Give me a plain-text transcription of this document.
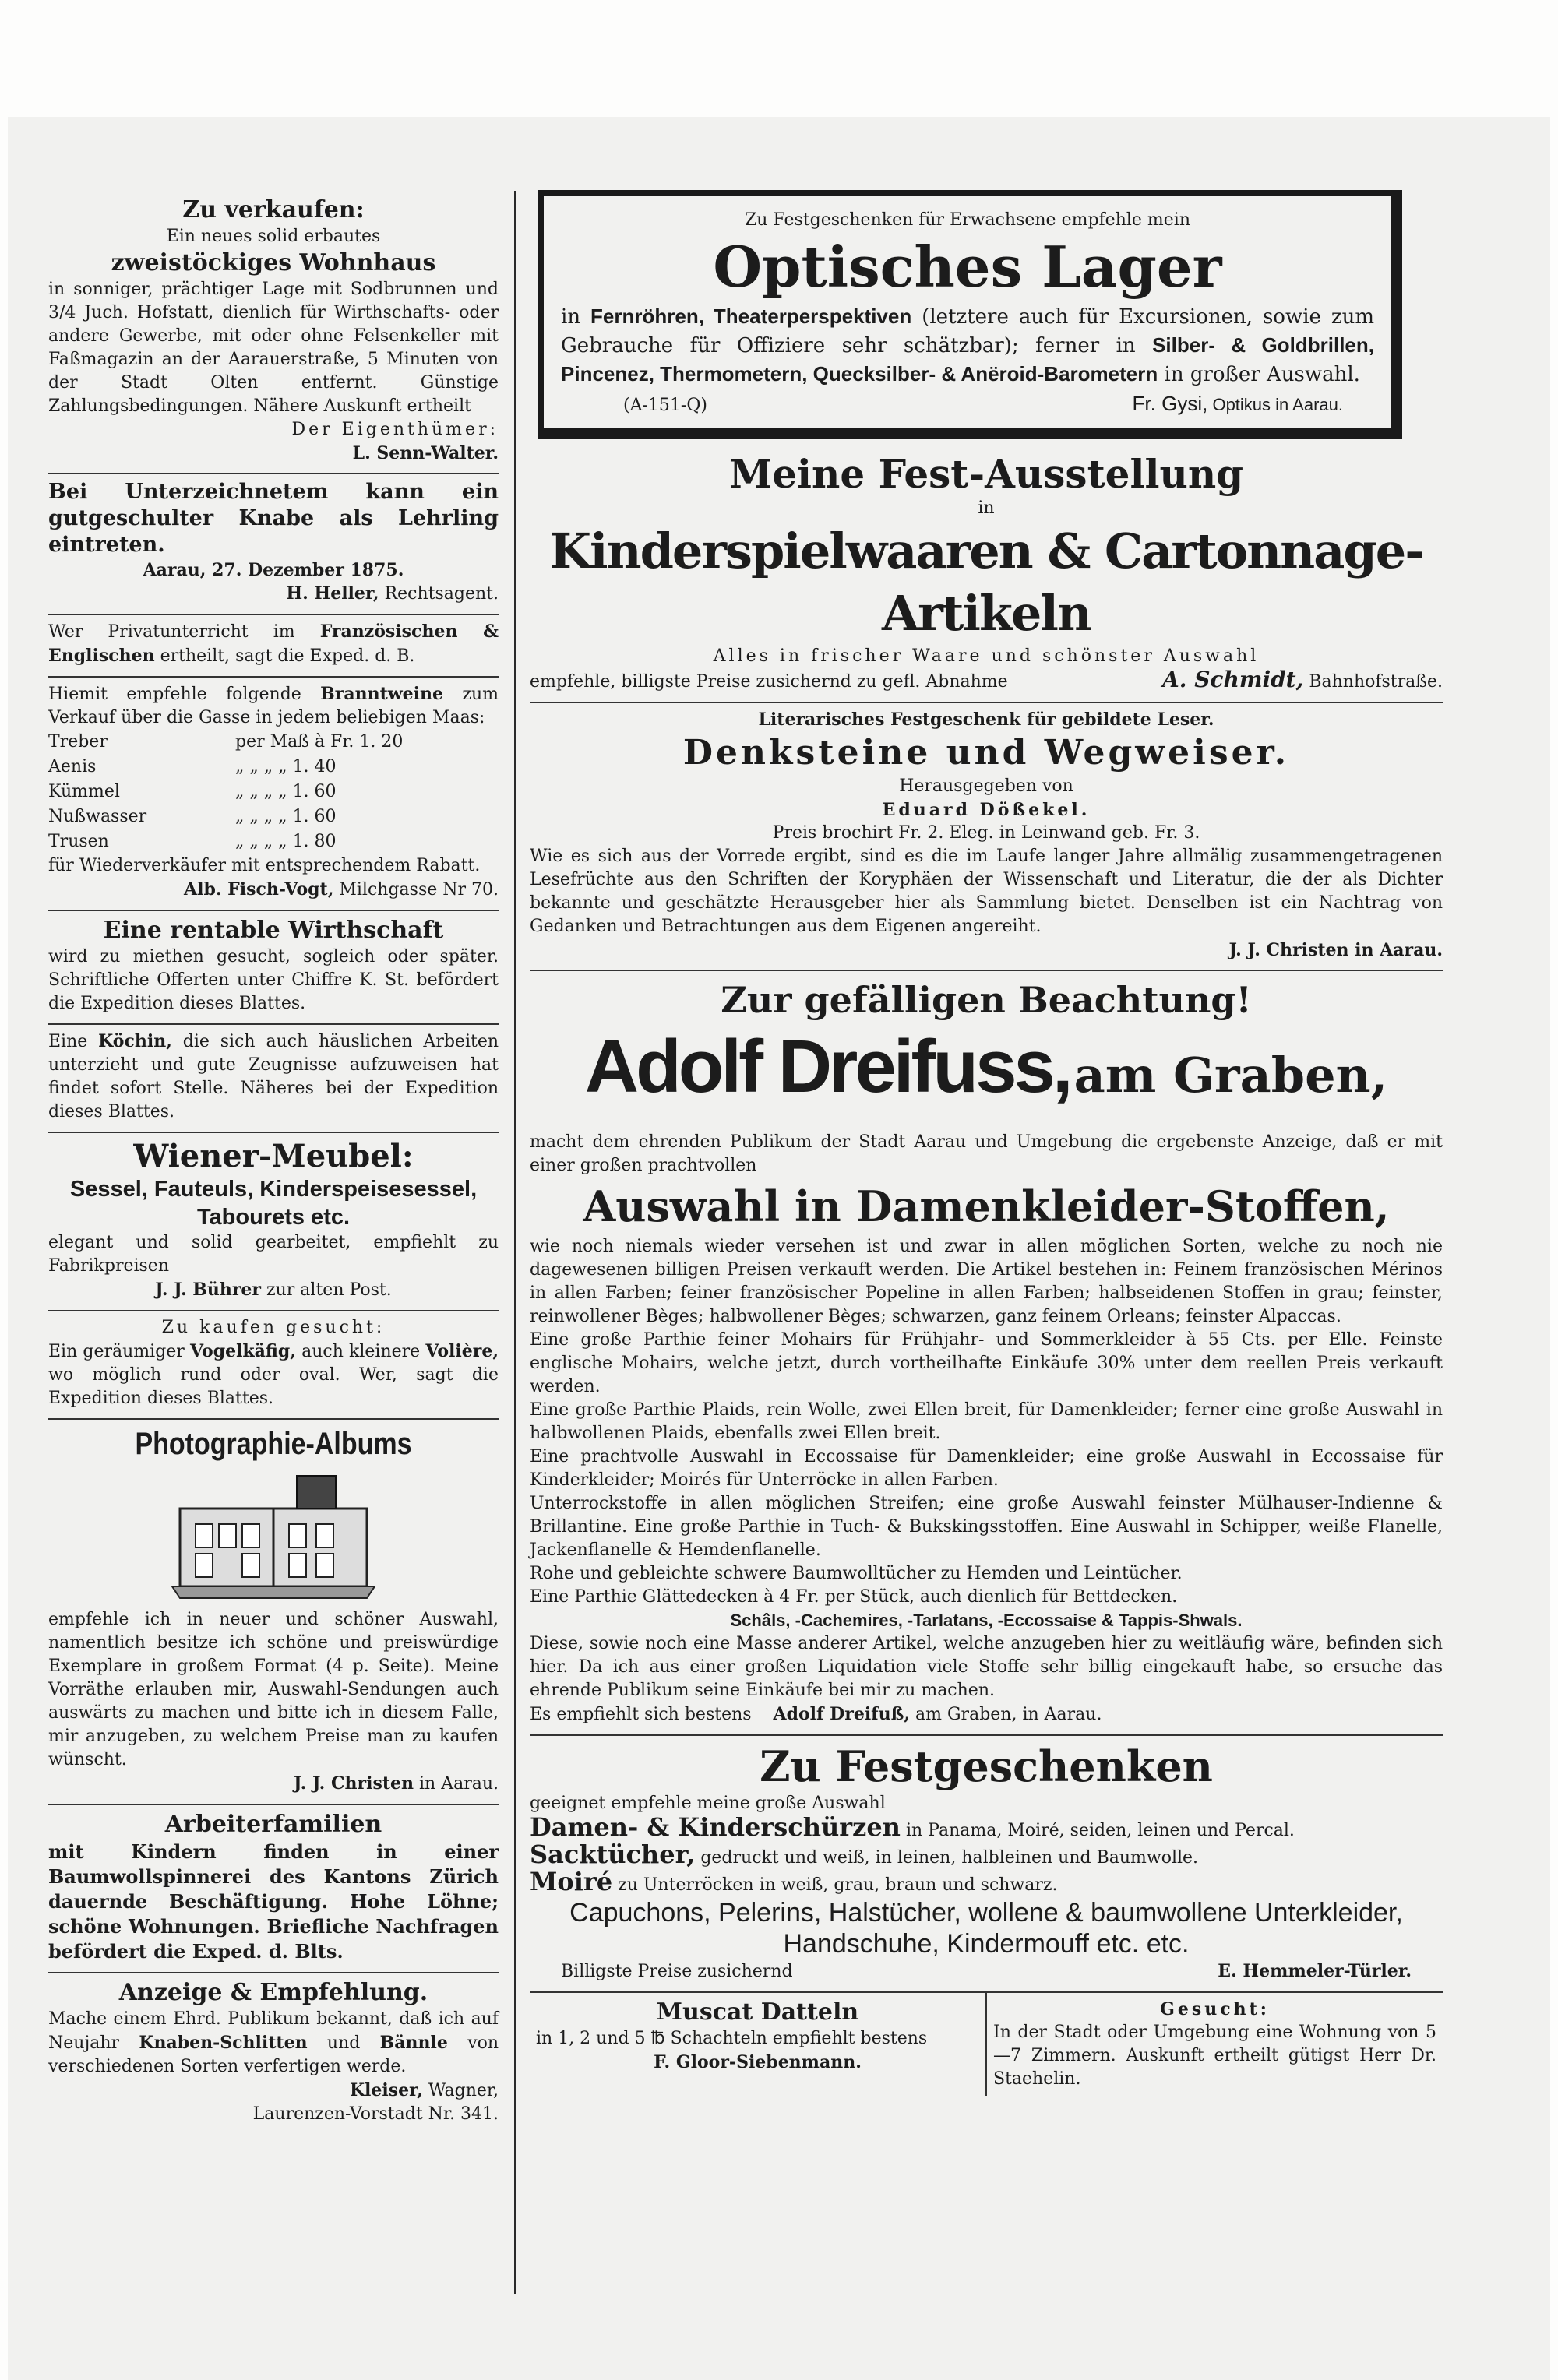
Zu verkaufen:

Ein neues solid erbautes

zweistöckiges Wohnhaus

in sonniger, prächtiger Lage mit Sodbrunnen und 3/4 Juch. Hofstatt, dienlich für Wirthschafts- oder andere Gewerbe, mit oder ohne Felsenkeller mit Faßmagazin an der Aarauerstraße, 5 Minuten von der Stadt Olten entfernt. Günstige Zahlungsbedingungen. Nähere Auskunft ertheilt

Der Eigenthümer:

L. Senn-Walter.

Bei Unterzeichnetem kann ein gutgeschulter Knabe als Lehrling eintreten.

Aarau, 27. Dezember 1875.

H. Heller, Rechtsagent.

Wer Privatunterricht im Französischen & Englischen ertheilt, sagt die Exped. d. B.

Hiemit empfehle folgende Branntweine zum Verkauf über die Gasse in jedem beliebigen Maas:

Treber	per Maß à Fr. 1. 20
Aenis	„ „ „ „ 1. 40
Kümmel	„ „ „ „ 1. 60
Nußwasser	„ „ „ „ 1. 60
Trusen	„ „ „ „ 1. 80

für Wiederverkäufer mit entsprechendem Rabatt.

Alb. Fisch-Vogt, Milchgasse Nr 70.

Eine rentable Wirthschaft

wird zu miethen gesucht, sogleich oder später. Schriftliche Offerten unter Chiffre K. St. befördert die Expedition dieses Blattes.

Eine Köchin, die sich auch häuslichen Arbeiten unterzieht und gute Zeugnisse aufzuweisen hat findet sofort Stelle. Näheres bei der Expedition dieses Blattes.

Wiener-Meubel:

Sessel, Fauteuls, Kinderspeisesessel, Tabourets etc.

elegant und solid gearbeitet, empfiehlt zu Fabrikpreisen

J. J. Bührer zur alten Post.

Zu kaufen gesucht:

Ein geräumiger Vogelkäfig, auch kleinere Volière, wo möglich rund oder oval. Wer, sagt die Expedition dieses Blattes.

Photographie-Albums

empfehle ich in neuer und schöner Auswahl, namentlich besitze ich schöne und preiswürdige Exemplare in großem Format (4 p. Seite). Meine Vorräthe erlauben mir, Auswahl-Sendungen auch auswärts zu machen und bitte ich in diesem Falle, mir anzugeben, zu welchem Preise man zu kaufen wünscht.

J. J. Christen in Aarau.

Arbeiterfamilien

mit Kindern finden in einer Baumwollspinnerei des Kantons Zürich dauernde Beschäftigung. Hohe Löhne; schöne Wohnungen. Briefliche Nachfragen befördert die Exped. d. Blts.

Anzeige & Empfehlung.

Mache einem Ehrd. Publikum bekannt, daß ich auf Neujahr Knaben-Schlitten und Bännle von verschiedenen Sorten verfertigen werde.

Kleiser, Wagner,

Laurenzen-Vorstadt Nr. 341.

Zu Festgeschenken für Erwachsene empfehle mein

Optisches Lager

in Fernröhren, Theaterperspektiven (letztere auch für Excursionen, sowie zum Gebrauche für Offiziere sehr schätzbar); ferner in Silber- & Goldbrillen, Pincenez, Thermometern, Quecksilber- & Anëroid-Barometern in großer Auswahl.

(A-151-Q)	Fr. Gysi, Optikus in Aarau.

Meine Fest-Ausstellung

in

Kinderspielwaaren & Cartonnage-Artikeln

Alles in frischer Waare und schönster Auswahl

empfehle, billigste Preise zusichernd zu gefl. Abnahme	A. Schmidt, Bahnhofstraße.

Literarisches Festgeschenk für gebildete Leser.

Denksteine und Wegweiser.

Herausgegeben von

Eduard Dößekel.

Preis brochirt Fr. 2. Eleg. in Leinwand geb. Fr. 3.

Wie es sich aus der Vorrede ergibt, sind es die im Laufe langer Jahre allmälig zusammengetragenen Lesefrüchte aus den Schriften der Koryphäen der Wissenschaft und Literatur, die der als Dichter bekannte und geschätzte Herausgeber hier als Sammlung bietet. Denselben ist ein Nachtrag von Gedanken und Betrachtungen aus dem Eigenen angereiht.

J. J. Christen in Aarau.

Zur gefälligen Beachtung!

Adolf Dreifuss, am Graben,

macht dem ehrenden Publikum der Stadt Aarau und Umgebung die ergebenste Anzeige, daß er mit einer großen prachtvollen

Auswahl in Damenkleider-Stoffen,

wie noch niemals wieder versehen ist und zwar in allen möglichen Sorten, welche zu noch nie dagewesenen billigen Preisen verkauft werden. Die Artikel bestehen in: Feinem französischen Mérinos in allen Farben; feiner französischer Popeline in allen Farben; halbseidenen Stoffen in grau; feinster, reinwollener Bèges; halbwollener Bèges; schwarzen, ganz feinem Orleans; feinster Alpaccas.

Eine große Parthie feiner Mohairs für Frühjahr- und Sommerkleider à 55 Cts. per Elle. Feinste englische Mohairs, welche jetzt, durch vortheilhafte Einkäufe 30% unter dem reellen Preis verkauft werden.

Eine große Parthie Plaids, rein Wolle, zwei Ellen breit, für Damenkleider; ferner eine große Auswahl in halbwollenen Plaids, ebenfalls zwei Ellen breit.

Eine prachtvolle Auswahl in Eccossaise für Damenkleider; eine große Auswahl in Eccossaise für Kinderkleider; Moirés für Unterröcke in allen Farben.

Unterrockstoffe in allen möglichen Streifen; eine große Auswahl feinster Mülhauser-Indienne & Brillantine. Eine große Parthie in Tuch- & Bukskingsstoffen. Eine Auswahl in Schipper, weiße Flanelle, Jackenflanelle & Hemdenflanelle.

Rohe und gebleichte schwere Baumwolltücher zu Hemden und Leintücher.

Eine Parthie Glättedecken à 4 Fr. per Stück, auch dienlich für Bettdecken.

Schâls, -Cachemires, -Tarlatans, -Eccossaise & Tappis-Shwals.

Diese, sowie noch eine Masse anderer Artikel, welche anzugeben hier zu weitläufig wäre, befinden sich hier. Da ich aus einer großen Liquidation viele Stoffe sehr billig eingekauft habe, so ersuche das ehrende Publikum seine Einkäufe bei mir zu machen.

Es empfiehlt sich bestens Adolf Dreifuß, am Graben, in Aarau.

Zu Festgeschenken

geeignet empfehle meine große Auswahl

Damen- & Kinderschürzen in Panama, Moiré, seiden, leinen und Percal.

Sacktücher, gedruckt und weiß, in leinen, halbleinen und Baumwolle.

Moiré zu Unterröcken in weiß, grau, braun und schwarz.

Capuchons, Pelerins, Halstücher, wollene & baumwollene Unterkleider, Handschuhe, Kindermouff etc. etc.

Billigste Preise zusichernd	E. Hemmeler-Türler.

Muscat Datteln

in 1, 2 und 5 ℔ Schachteln empfiehlt bestens

F. Gloor-Siebenmann.

Gesucht:

In der Stadt oder Umgebung eine Wohnung von 5—7 Zimmern. Auskunft ertheilt gütigst Herr Dr. Staehelin.
